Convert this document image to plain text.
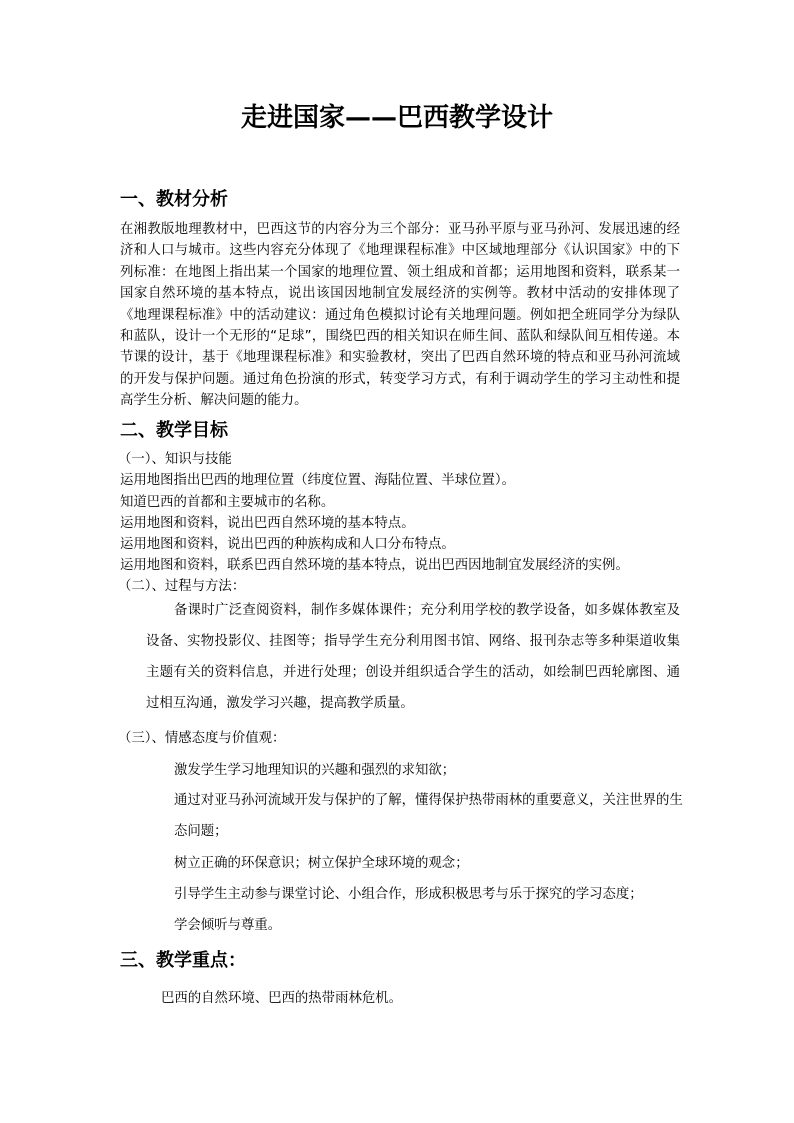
走进国家——巴西教学设计
一、教材分析
在湘教版地理教材中，巴西这节的内容分为三个部分：亚马孙平原与亚马孙河、发展迅速的经济和人口与城市。这些内容充分体现了《地理课程标准》中区域地理部分《认识国家》中的下列标准：在地图上指出某一个国家的地理位置、领土组成和首都；运用地图和资料，联系某一国家自然环境的基本特点，说出该国因地制宜发展经济的实例等。教材中活动的安排体现了《地理课程标准》中的活动建议：通过角色模拟讨论有关地理问题。例如把全班同学分为绿队和蓝队，设计一个无形的“足球”，围绕巴西的相关知识在师生间、蓝队和绿队间互相传递。本节课的设计，基于《地理课程标准》和实验教材，突出了巴西自然环境的特点和亚马孙河流域的开发与保护问题。通过角色扮演的形式，转变学习方式，有利于调动学生的学习主动性和提高学生分析、解决问题的能力。
二、教学目标
（一）、知识与技能
运用地图指出巴西的地理位置（纬度位置、海陆位置、半球位置）。
知道巴西的首都和主要城市的名称。
运用地图和资料，说出巴西自然环境的基本特点。
运用地图和资料，说出巴西的种族构成和人口分布特点。
运用地图和资料，联系巴西自然环境的基本特点，说出巴西因地制宜发展经济的实例。
（二）、过程与方法：
备课时广泛查阅资料，制作多媒体课件；充分利用学校的教学设备，如多媒体教室及设备、实物投影仪、挂图等；指导学生充分利用图书馆、网络、报刊杂志等多种渠道收集主题有关的资料信息，并进行处理；创设并组织适合学生的活动，如绘制巴西轮廓图、通过相互沟通，激发学习兴趣，提高教学质量。
（三）、情感态度与价值观：
激发学生学习地理知识的兴趣和强烈的求知欲；
通过对亚马孙河流域开发与保护的了解，懂得保护热带雨林的重要意义，关注世界的生态问题；
树立正确的环保意识；树立保护全球环境的观念；
引导学生主动参与课堂讨论、小组合作，形成积极思考与乐于探究的学习态度；
学会倾听与尊重。
三、教学重点：
巴西的自然环境、巴西的热带雨林危机。
